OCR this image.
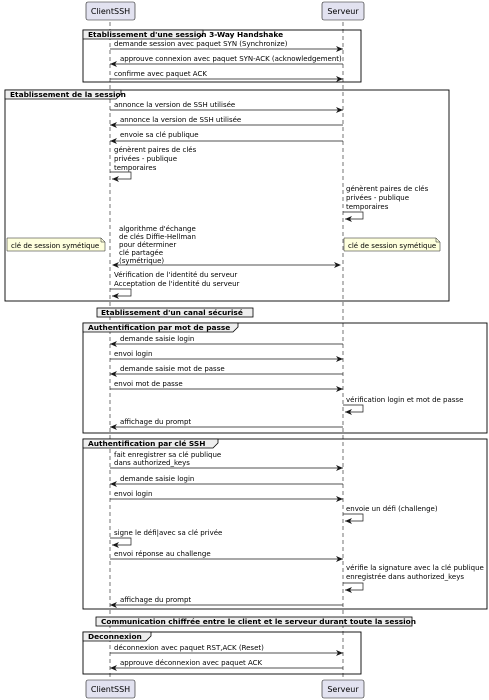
ClientSSH	Serveur
ClientSSH	Serveur
Etablissement d'une session 3-Way Handshake
demande session avec paquet SYN (Synchronize)
approuve connexion avec paquet SYN-ACK (acknowledgement)
confirme avec paquet ACK
Etablissement de la session
annonce la version de SSH utilisée
annonce la version de SSH utilisée
envoie sa clé publique
génèrent paires de clés
privées - publique
temporaires
génèrent paires de clés
privées - publique
temporaires
algorithme d'échange
de clés Diffie-Hellman
pour déterminer
clé partagée
(symétrique)
clé de session symétique	clé de session symétique
Vérification de l'identité du serveur
Acceptation de l'identité du serveur
Etablissement d'un canal sécurisé
Authentification par mot de passe
demande saisie login
envoi login
demande saisie mot de passe
envoi mot de passe
vérification login et mot de passe
affichage du prompt
Authentification par clé SSH
fait enregistrer sa clé publique
dans authorized_keys
demande saisie login
envoi login
envoie un défi (challenge)
signe le défi|avec sa clé privée
envoi réponse au challenge
vérifie la signature avec la clé publique
enregistrée dans authorized_keys
affichage du prompt
Communication chiffrée entre le client et le serveur durant toute la session
Deconnexion
déconnexion avec paquet RST,ACK (Reset)
approuve déconnexion avec paquet ACK
